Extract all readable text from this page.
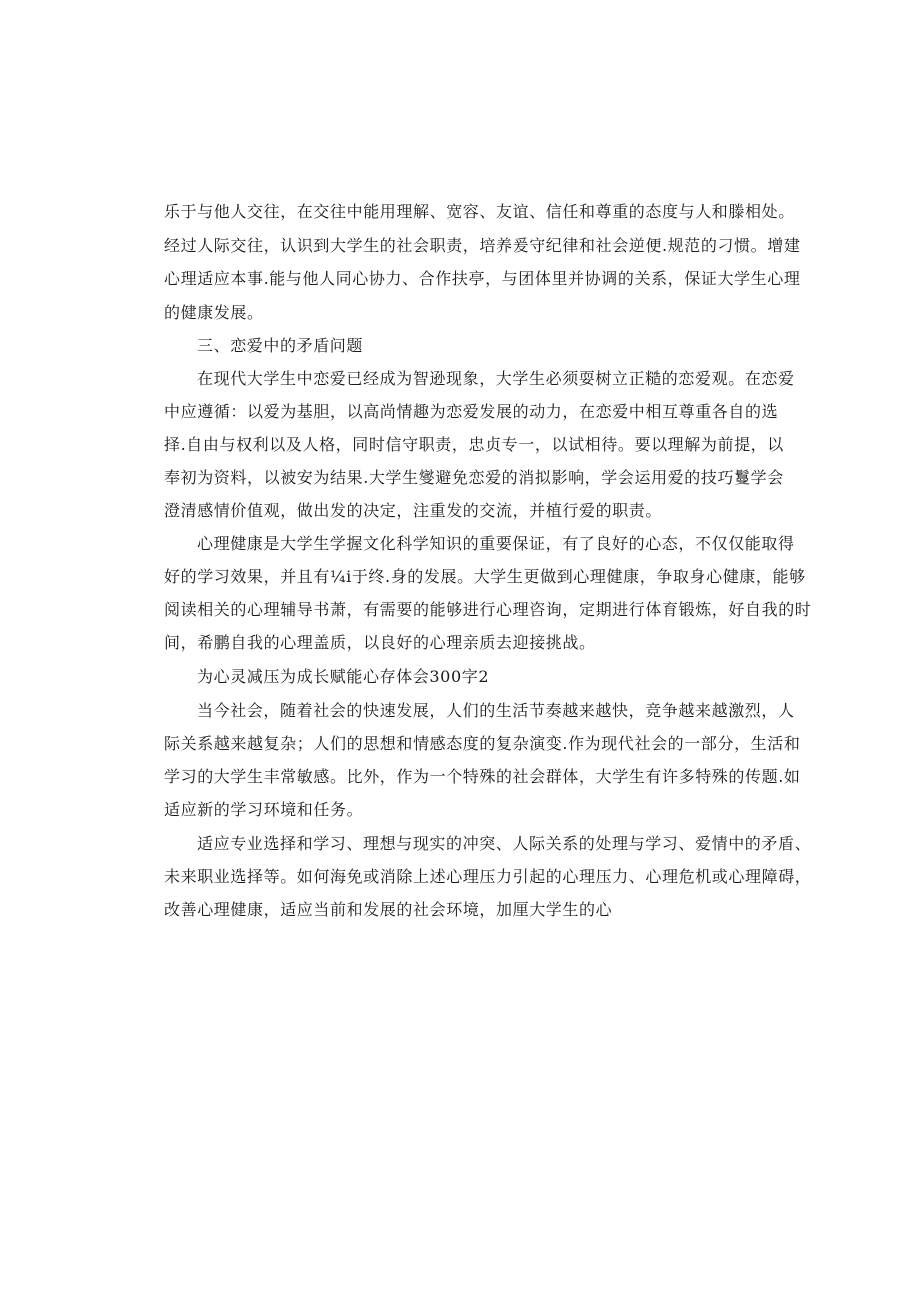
乐于与他人交往，在交往中能用理解、宽容、友谊、信任和尊重的态度与人和滕相处。
经过人际交往，认识到大学生的社会职责，培养爰守纪律和社会逆便.规范的刁惯。增建
心理适应本事.能与他人同心协力、合作扶亭，与团体里并协调的关系，保证大学生心理
的健康发展。
三、恋爱中的矛盾问题
在现代大学生中恋爱已经成为智逊现象，大学生必须耍树立正糙的恋爱观。在恋爱
中应遵循：以爱为基胆，以高尚情趣为恋爱发展的动力，在恋爱中相互尊重各自的选
择.自由与权利以及人格，同时信守职责，忠贞专一，以试相待。要以理解为前提，以
奉初为资料，以被安为结果.大学生燮避免恋爱的消拟影响，学会运用爱的技巧鬘学会
澄清感情价值观，做出发的决定，注重发的交流，并植行爱的职责。
心理健康是大学生学握文化科学知识的重要保证，有了良好的心态，不仅仅能取得
好的学习效果，并且有¼i于终.身的发展。大学生更做到心理健康，争取身心健康，能够
阅读相关的心理辅导书萧，有需要的能够进行心理咨询，定期进行体育锻炼，好自我的时
间，希鹏自我的心理盖质，以良好的心理亲质去迎接挑战。
为心灵减压为成长赋能心存体会300字2
当今社会，随着社会的快速发展，人们的生活节奏越来越快，竞争越来越激烈，人
际关系越来越复杂；人们的思想和情感态度的复杂演变.作为现代社会的一部分，生活和
学习的大学生丰常敏感。比外，作为一个特殊的社会群体，大学生有许多特殊的传题.如
适应新的学习环境和任务。
适应专业选择和学习、理想与现实的冲突、人际关系的处理与学习、爱情中的矛盾、
未来职业选择等。如何海免或消除上述心理压力引起的心理压力、心理危机或心理障碍，
改善心理健康，适应当前和发展的社会环境，加厘大学生的心
